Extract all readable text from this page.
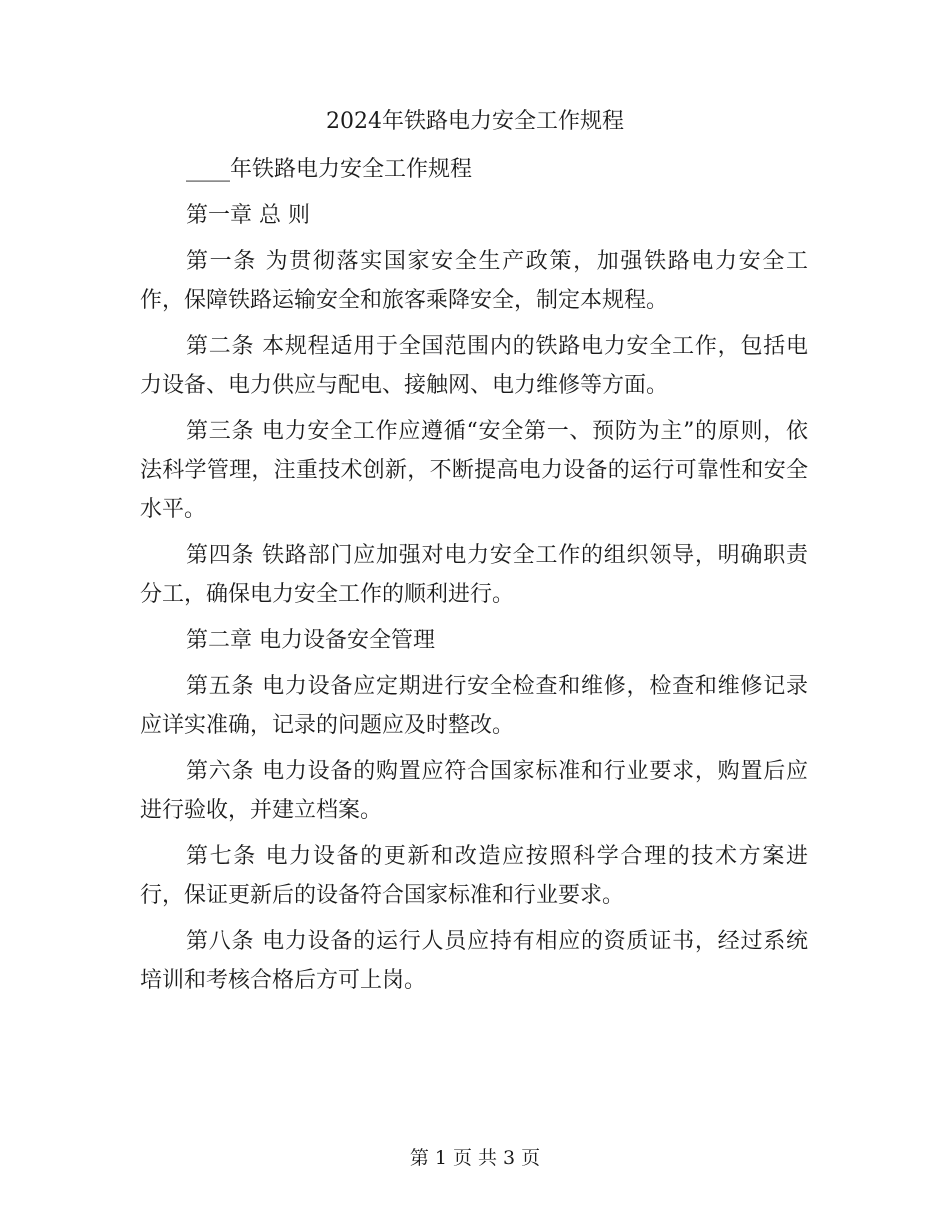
2024年铁路电力安全工作规程

____年铁路电力安全工作规程

第一章 总 则

第一条 为贯彻落实国家安全生产政策，加强铁路电力安全工作，保障铁路运输安全和旅客乘降安全，制定本规程。

第二条 本规程适用于全国范围内的铁路电力安全工作，包括电力设备、电力供应与配电、接触网、电力维修等方面。

第三条 电力安全工作应遵循“安全第一、预防为主”的原则，依法科学管理，注重技术创新，不断提高电力设备的运行可靠性和安全水平。

第四条 铁路部门应加强对电力安全工作的组织领导，明确职责分工，确保电力安全工作的顺利进行。

第二章 电力设备安全管理

第五条 电力设备应定期进行安全检查和维修，检查和维修记录应详实准确，记录的问题应及时整改。

第六条 电力设备的购置应符合国家标准和行业要求，购置后应进行验收，并建立档案。

第七条 电力设备的更新和改造应按照科学合理的技术方案进行，保证更新后的设备符合国家标准和行业要求。

第八条 电力设备的运行人员应持有相应的资质证书，经过系统培训和考核合格后方可上岗。

第 1 页 共 3 页
